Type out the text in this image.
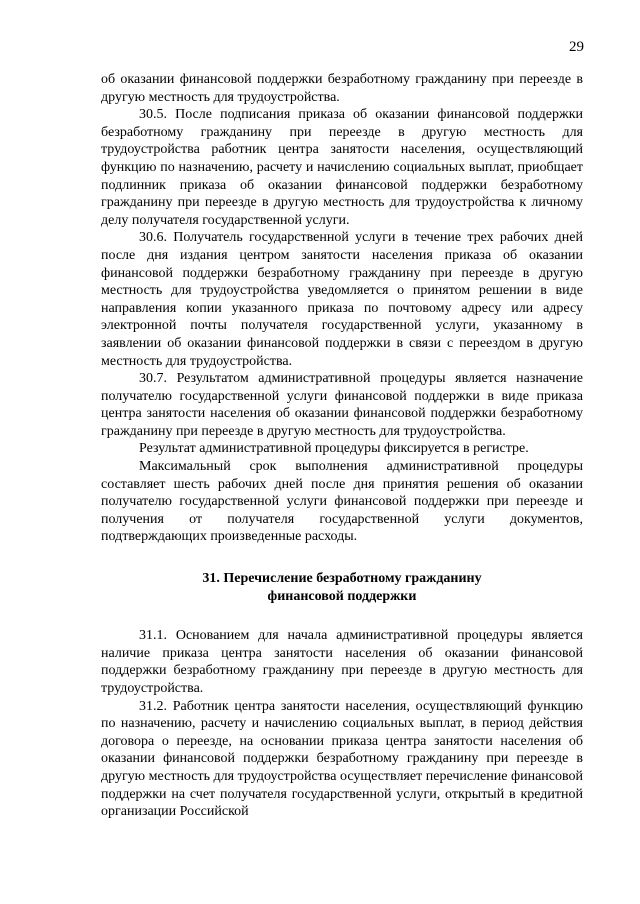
29

об оказании финансовой поддержки безработному гражданину при переезде в другую местность для трудоустройства.

30.5. После подписания приказа об оказании финансовой поддержки безработному гражданину при переезде в другую местность для трудоустройства работник центра занятости населения, осуществляющий функцию по назначению, расчету и начислению социальных выплат, приобщает подлинник приказа об оказании финансовой поддержки безработному гражданину при переезде в другую местность для трудоустройства к личному делу получателя государственной услуги.

30.6. Получатель государственной услуги в течение трех рабочих дней после дня издания центром занятости населения приказа об оказании финансовой поддержки безработному гражданину при переезде в другую местность для трудоустройства уведомляется о принятом решении в виде направления копии указанного приказа по почтовому адресу или адресу электронной почты получателя государственной услуги, указанному в заявлении об оказании финансовой поддержки в связи с переездом в другую местность для трудоустройства.

30.7. Результатом административной процедуры является назначение получателю государственной услуги финансовой поддержки в виде приказа центра занятости населения об оказании финансовой поддержки безработному гражданину при переезде в другую местность для трудоустройства.

Результат административной процедуры фиксируется в регистре.

Максимальный срок выполнения административной процедуры составляет шесть рабочих дней после дня принятия решения об оказании получателю государственной услуги финансовой поддержки при переезде и получения от получателя государственной услуги документов, подтверждающих произведенные расходы.

31. Перечисление безработному гражданину
финансовой поддержки

31.1. Основанием для начала административной процедуры является наличие приказа центра занятости населения об оказании финансовой поддержки безработному гражданину при переезде в другую местность для трудоустройства.

31.2. Работник центра занятости населения, осуществляющий функцию по назначению, расчету и начислению социальных выплат, в период действия договора о переезде, на основании приказа центра занятости населения об оказании финансовой поддержки безработному гражданину при переезде в другую местность для трудоустройства осуществляет перечисление финансовой поддержки на счет получателя государственной услуги, открытый в кредитной организации Российской
